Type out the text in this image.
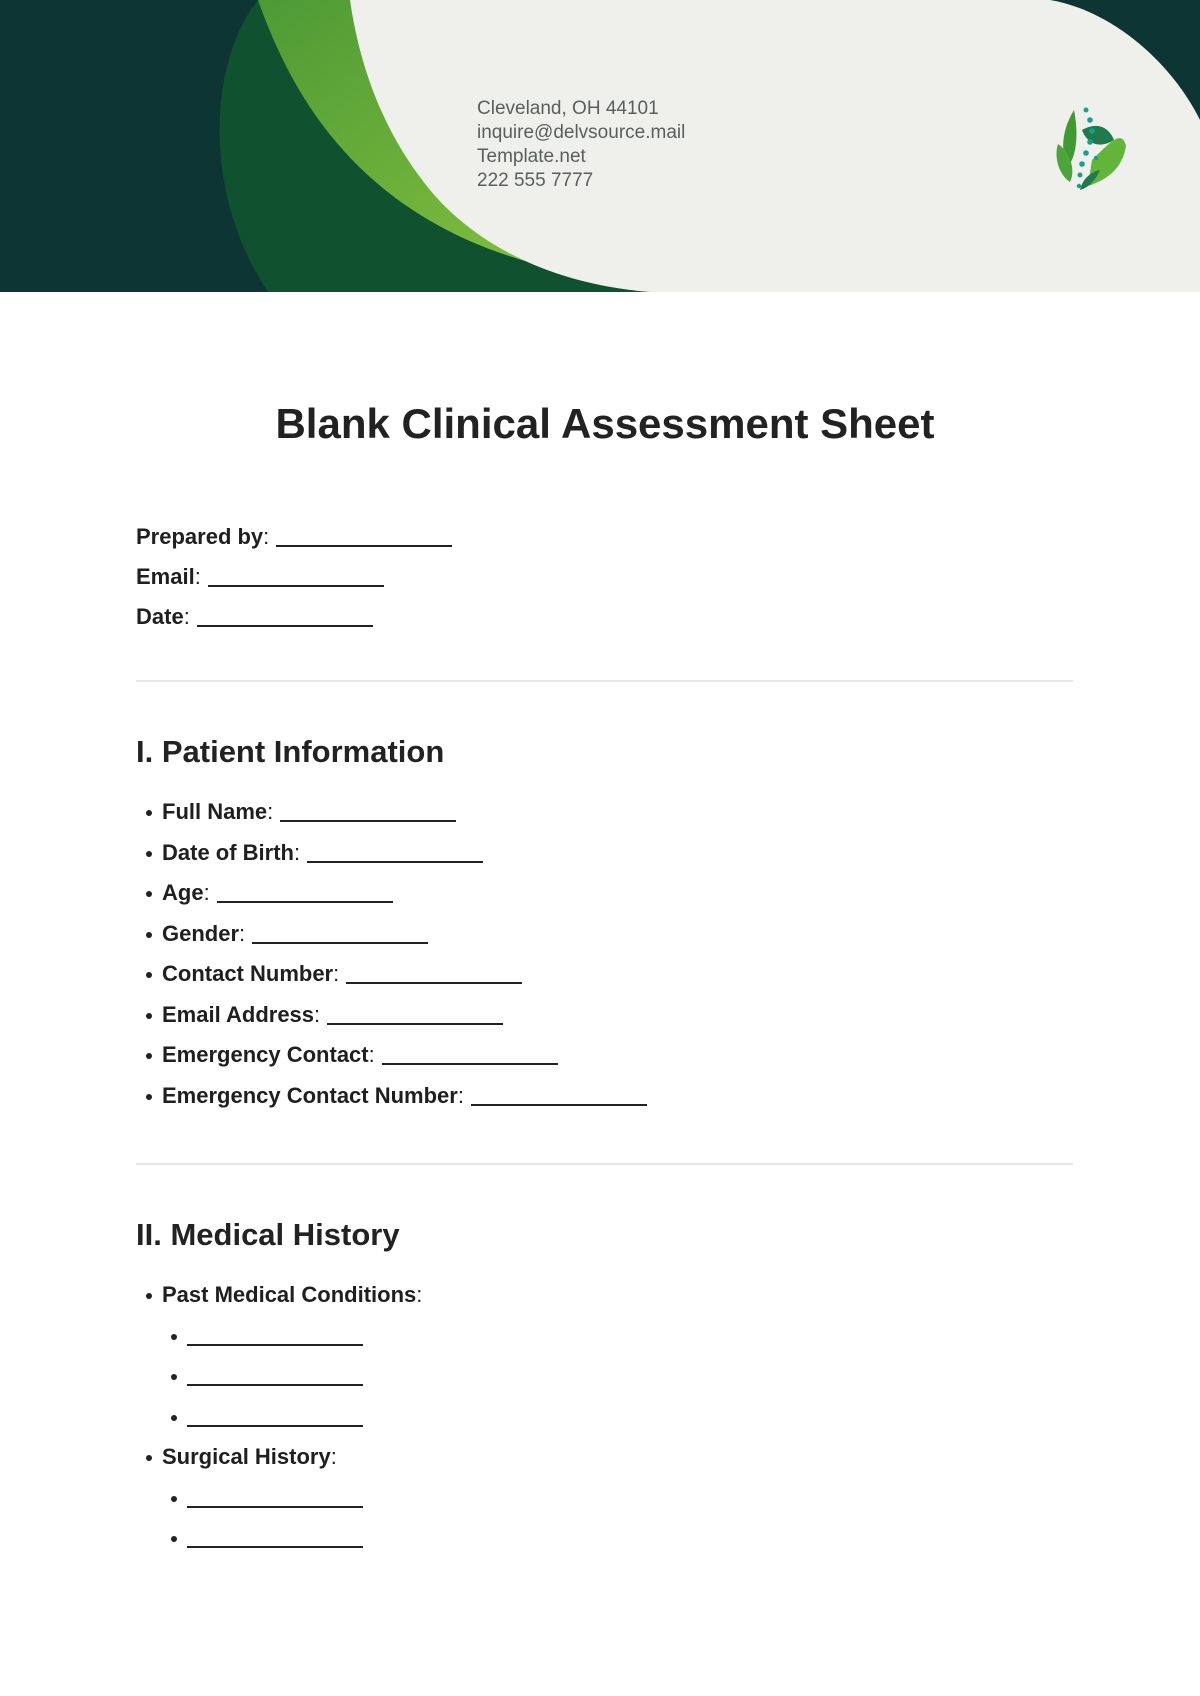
Cleveland, OH 44101
inquire@delvsource.mail
Template.net
222 555 7777
Blank Clinical Assessment Sheet
Prepared by :
Email :
Date :
I. Patient Information
Full Name :
Date of Birth :
Age :
Gender :
Contact Number :
Email Address :
Emergency Contact :
Emergency Contact Number :
II. Medical History
Past Medical Conditions :
Surgical History :
